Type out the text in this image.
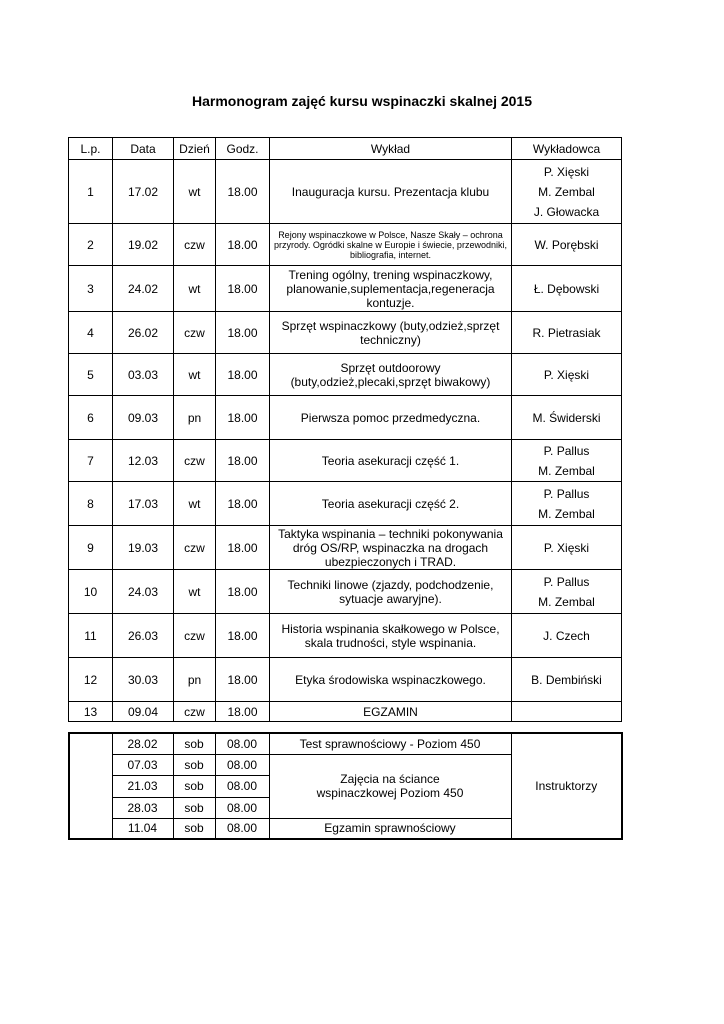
Harmonogram zajęć kursu wspinaczki skalnej 2015
L.p.	Data	Dzień	Godz.	Wykład	Wykładowca
1	17.02	wt	18.00	Inauguracja kursu. Prezentacja klubu	P. Xięski
M. Zembal
J. Głowacka

2	19.02	czw	18.00	Rejony wspinaczkowe w Polsce, Nasze Skały – ochrona przyrody. Ogródki skalne w Europie i świecie, przewodniki, bibliografia, internet.	W. Porębski

3	24.02	wt	18.00	Trening ogólny, trening wspinaczkowy, planowanie,suplementacja,regeneracja kontuzje.	Ł. Dębowski

4	26.02	czw	18.00	Sprzęt wspinaczkowy (buty,odzież,sprzęt techniczny)	R. Pietrasiak

5	03.03	wt	18.00	Sprzęt outdoorowy (buty,odzież,plecaki,sprzęt biwakowy)	P. Xięski

6	09.03	pn	18.00	Pierwsza pomoc przedmedyczna.	M. Świderski

7	12.03	czw	18.00	Teoria asekuracji część 1.	P. Pallus
M. Zembal

8	17.03	wt	18.00	Teoria asekuracji część 2.	P. Pallus
M. Zembal

9	19.03	czw	18.00	Taktyka wspinania – techniki pokonywania dróg OS/RP, wspinaczka na drogach ubezpieczonych i TRAD.	P. Xięski

10	24.03	wt	18.00	Techniki linowe (zjazdy, podchodzenie, sytuacje awaryjne).	P. Pallus
M. Zembal

11	26.03	czw	18.00	Historia wspinania skałkowego w Polsce, skala trudności, style wspinania.	J. Czech

12	30.03	pn	18.00	Etyka środowiska wspinaczkowego.	B. Dembiński

13	09.04	czw	18.00	EGZAMIN	
	28.02	sob	08.00	Test sprawnościowy - Poziom 450	Instruktorzy
	07.03	sob	08.00	Zajęcia na ściance wspinaczkowej Poziom 450	
	21.03	sob	08.00		
	28.03	sob	08.00		
	11.04	sob	08.00	Egzamin sprawnościowy	
